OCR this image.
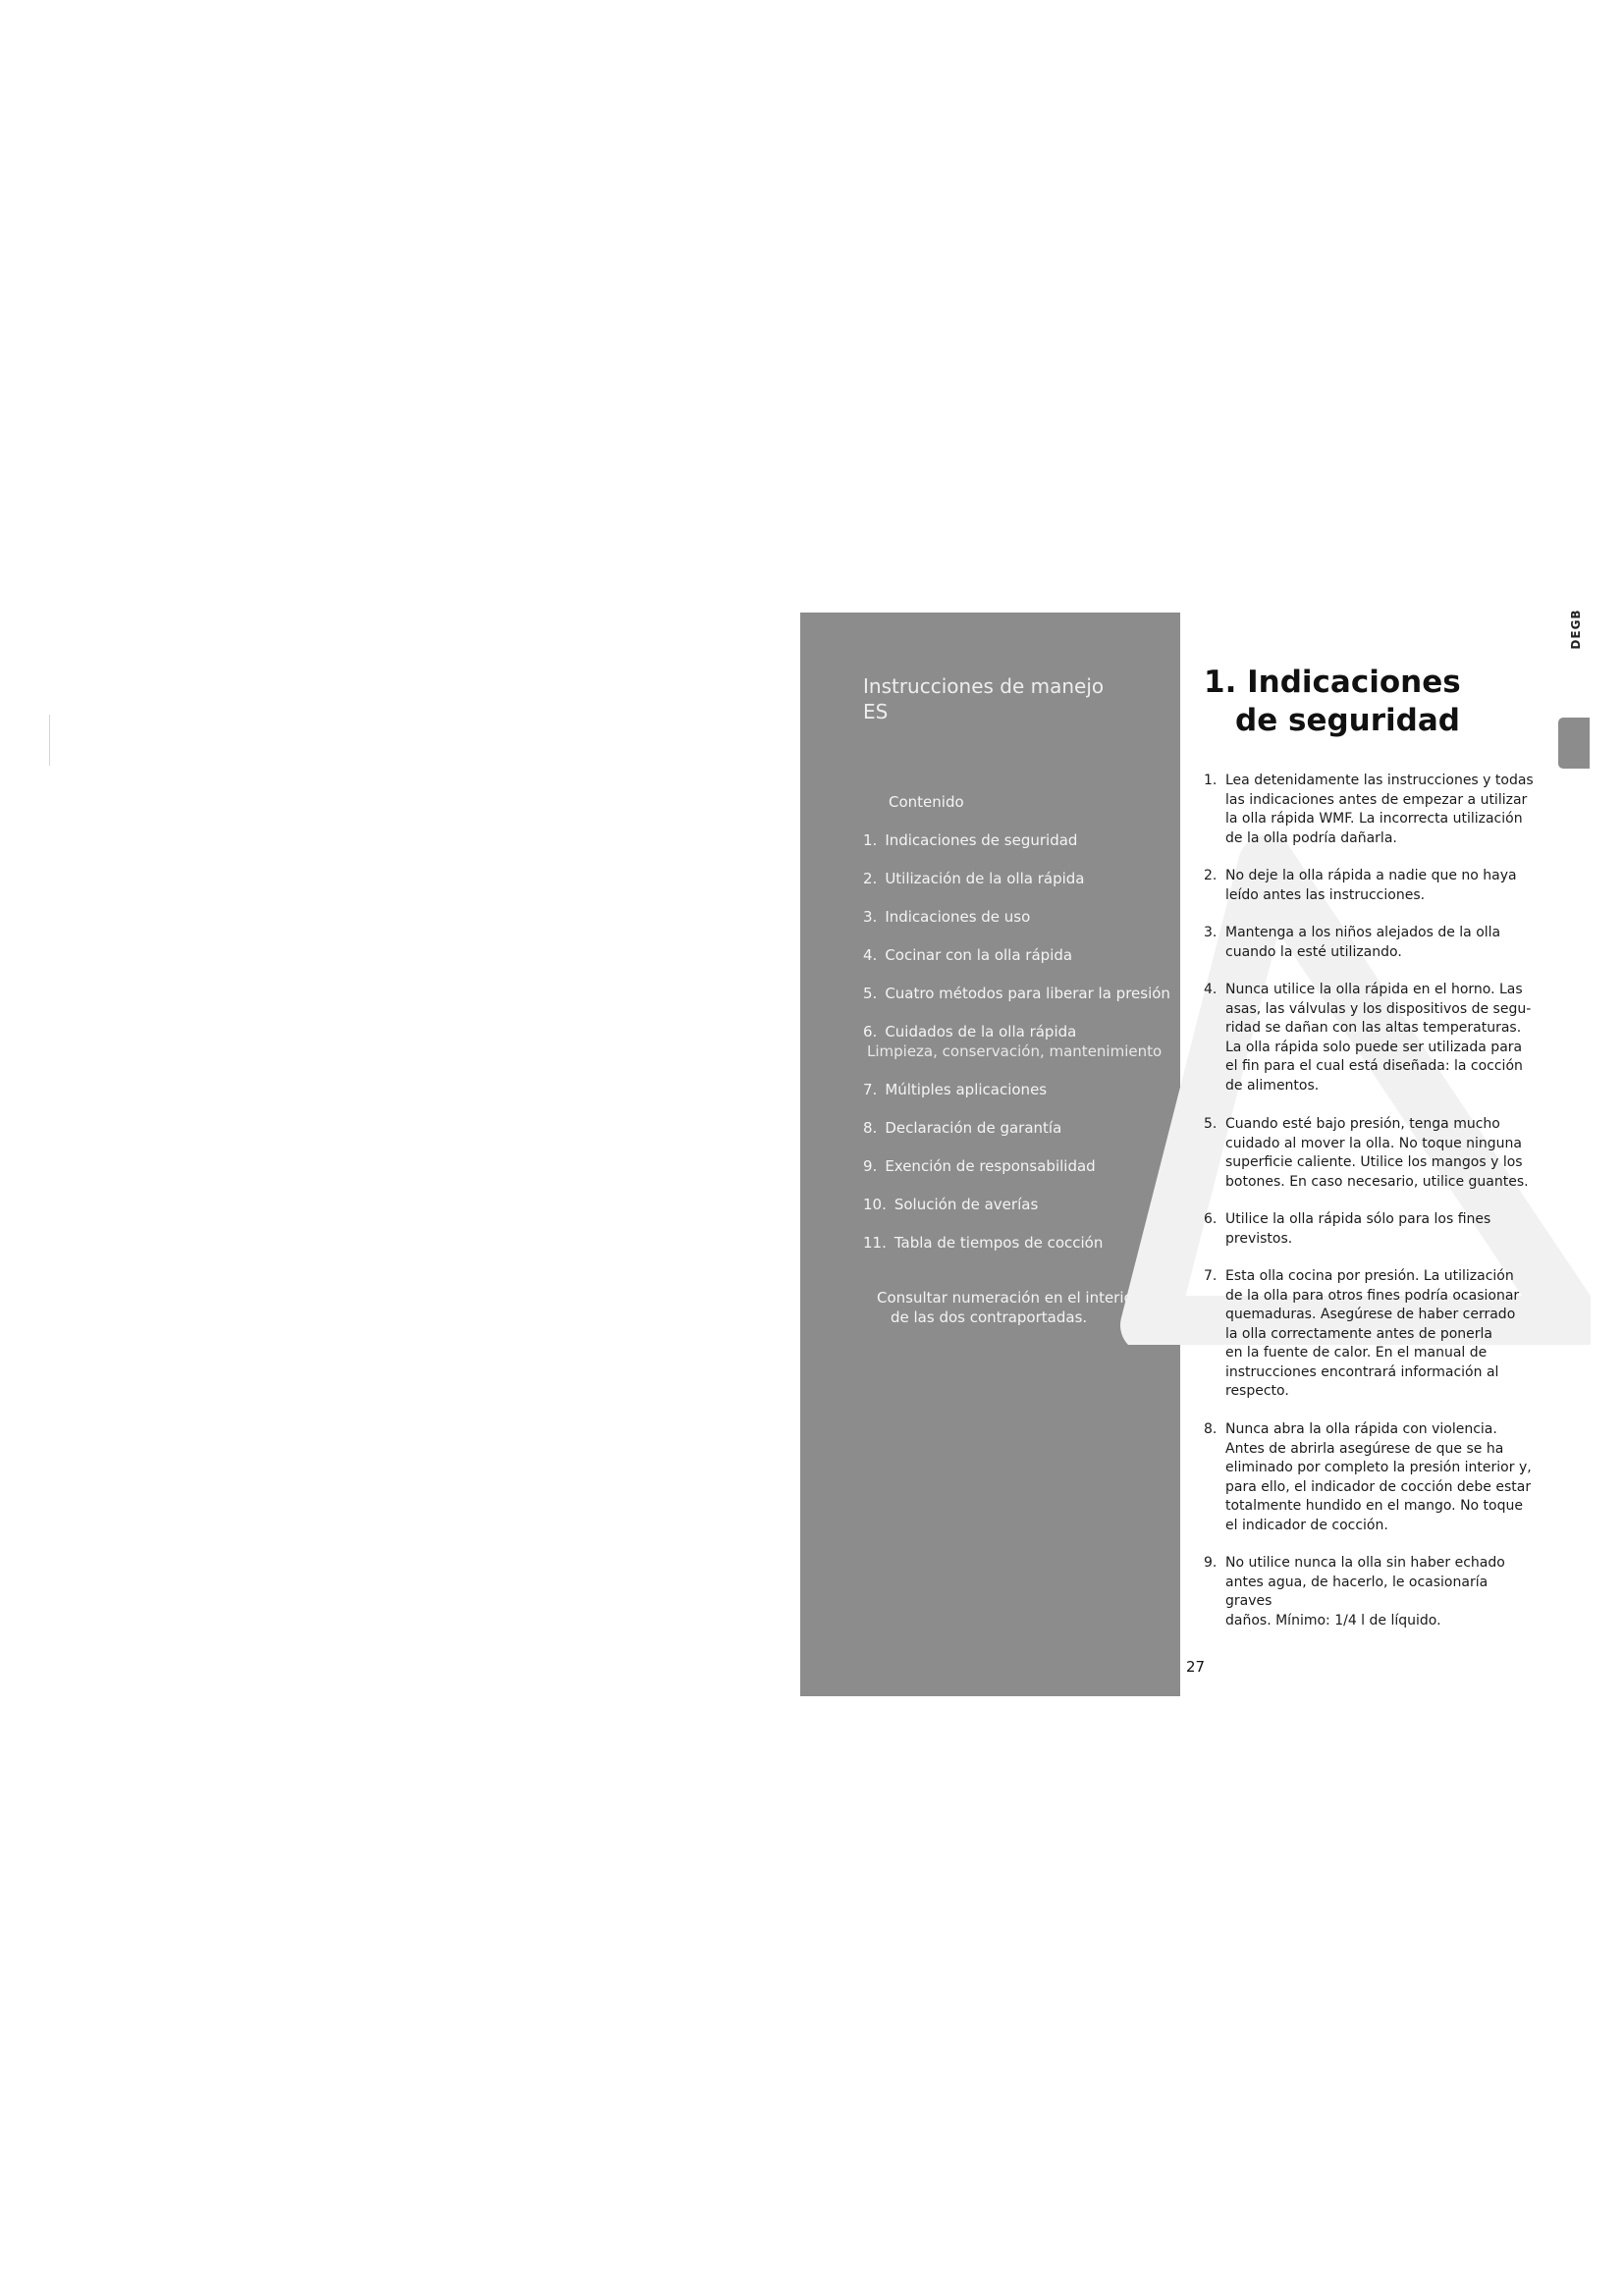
Instrucciones de manejo
ES
Contenido
1. Indicaciones de seguridad
2. Utilización de la olla rápida
3. Indicaciones de uso
4. Cocinar con la olla rápida
5. Cuatro métodos para liberar la presión
6. Cuidados de la olla rápida
Limpieza, conservación, mantenimiento
7. Múltiples aplicaciones
8. Declaración de garantía
9. Exención de responsabilidad
10. Solución de averías
11. Tabla de tiempos de cocción
Consultar numeración en el interior
de las dos contraportadas.
1. Indicaciones
de seguridad
1. Lea detenidamente las instrucciones y todas
las indicaciones antes de empezar a utilizar
la olla rápida WMF. La incorrecta utilización
de la olla podría dañarla.
2. No deje la olla rápida a nadie que no haya
leído antes las instrucciones.
3. Mantenga a los niños alejados de la olla
cuando la esté utilizando.
4. Nunca utilice la olla rápida en el horno. Las
asas, las válvulas y los dispositivos de segu-
ridad se dañan con las altas temperaturas.
La olla rápida solo puede ser utilizada para
el fin para el cual está diseñada: la cocción
de alimentos.
5. Cuando esté bajo presión, tenga mucho
cuidado al mover la olla. No toque ninguna
superficie caliente. Utilice los mangos y los
botones. En caso necesario, utilice guantes.
6. Utilice la olla rápida sólo para los fines
previstos.
7. Esta olla cocina por presión. La utilización
de la olla para otros fines podría ocasionar
quemaduras. Asegúrese de haber cerrado
la olla correctamente antes de ponerla
en la fuente de calor. En el manual de
instrucciones encontrará información al
respecto.
8. Nunca abra la olla rápida con violencia.
Antes de abrirla asegúrese de que se ha
eliminado por completo la presión interior y,
para ello, el indicador de cocción debe estar
totalmente hundido en el mango. No toque
el indicador de cocción.
9. No utilice nunca la olla sin haber echado
antes agua, de hacerlo, le ocasionaría graves
daños. Mínimo: 1/4 l de líquido.
27
DEGB
